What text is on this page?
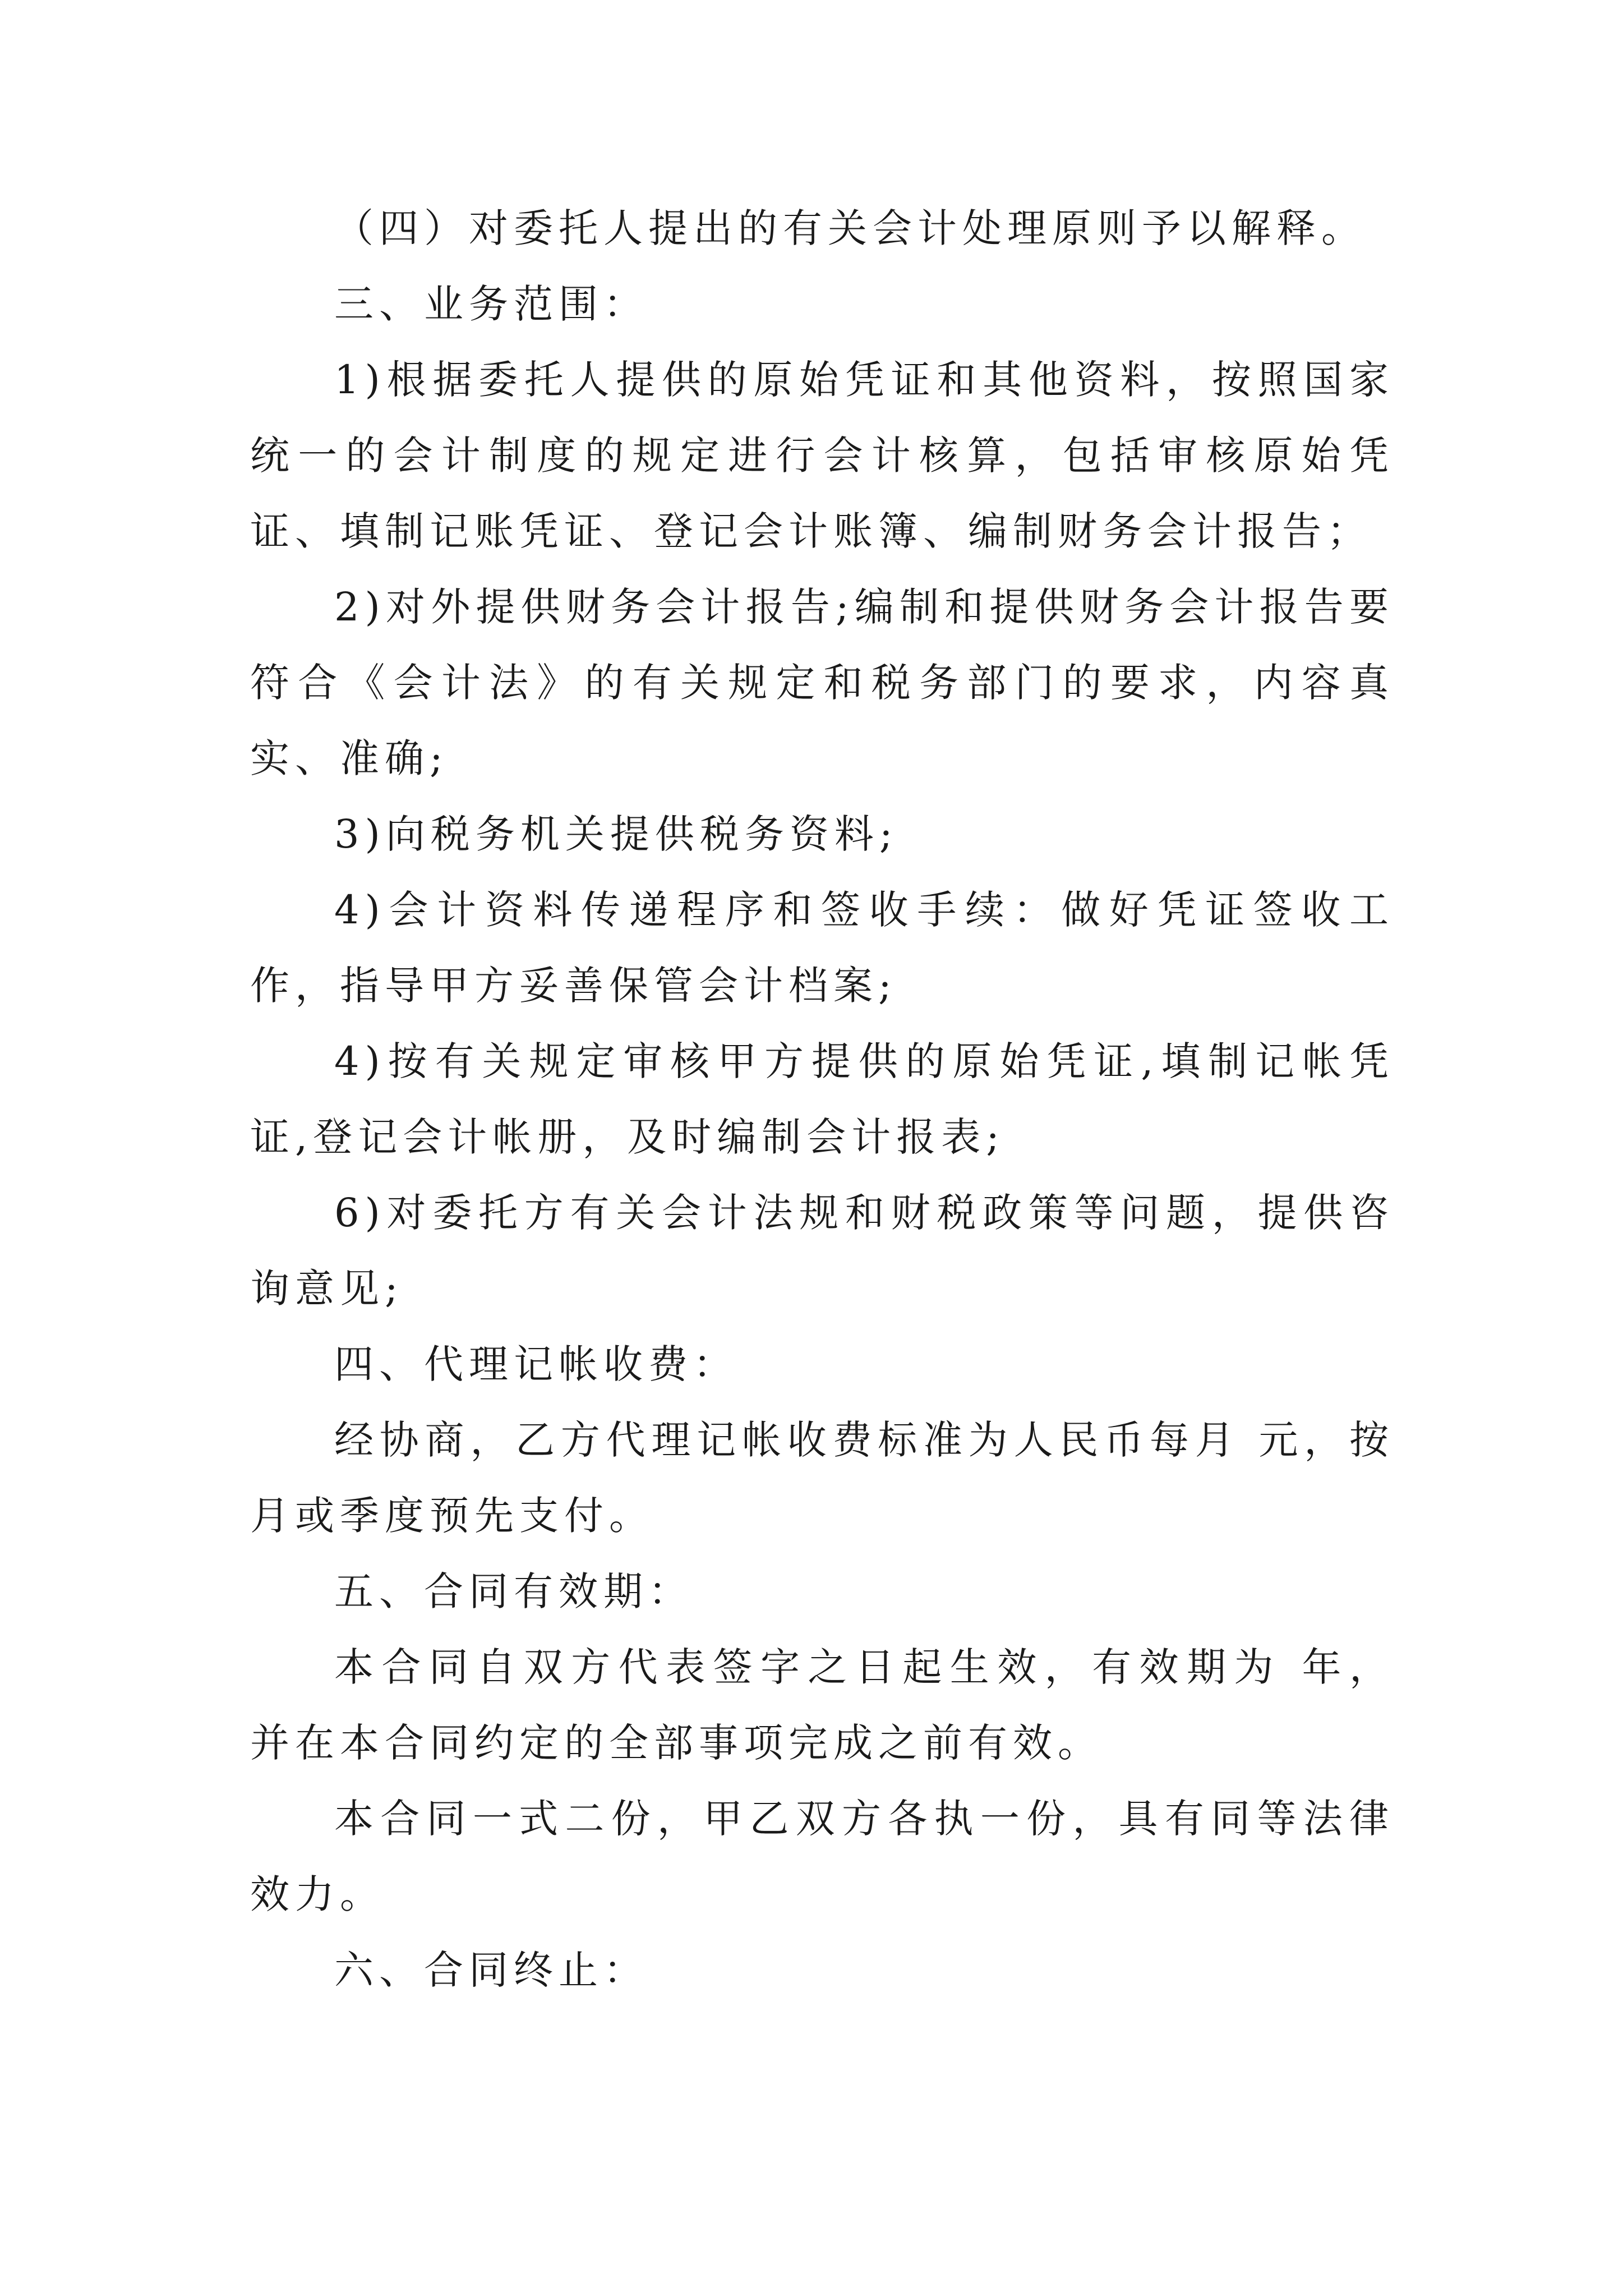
（四）对委托人提出的有关会计处理原则予以解释。

三、业务范围：

1)根据委托人提供的原始凭证和其他资料，按照国家统一的会计制度的规定进行会计核算，包括审核原始凭证、填制记账凭证、登记会计账簿、编制财务会计报告；

2)对外提供财务会计报告;编制和提供财务会计报告要符合《会计法》的有关规定和税务部门的要求，内容真实、准确;

3)向税务机关提供税务资料;

4)会计资料传递程序和签收手续：做好凭证签收工作，指导甲方妥善保管会计档案;

4)按有关规定审核甲方提供的原始凭证,填制记帐凭证,登记会计帐册，及时编制会计报表;

6)对委托方有关会计法规和财税政策等问题，提供咨询意见;

四、代理记帐收费：

经协商，乙方代理记帐收费标准为人民币每月 元，按月或季度预先支付。

五、合同有效期：

本合同自双方代表签字之日起生效，有效期为 年， 并在本合同约定的全部事项完成之前有效。

本合同一式二份，甲乙双方各执一份，具有同等法律效力。

六、合同终止：
